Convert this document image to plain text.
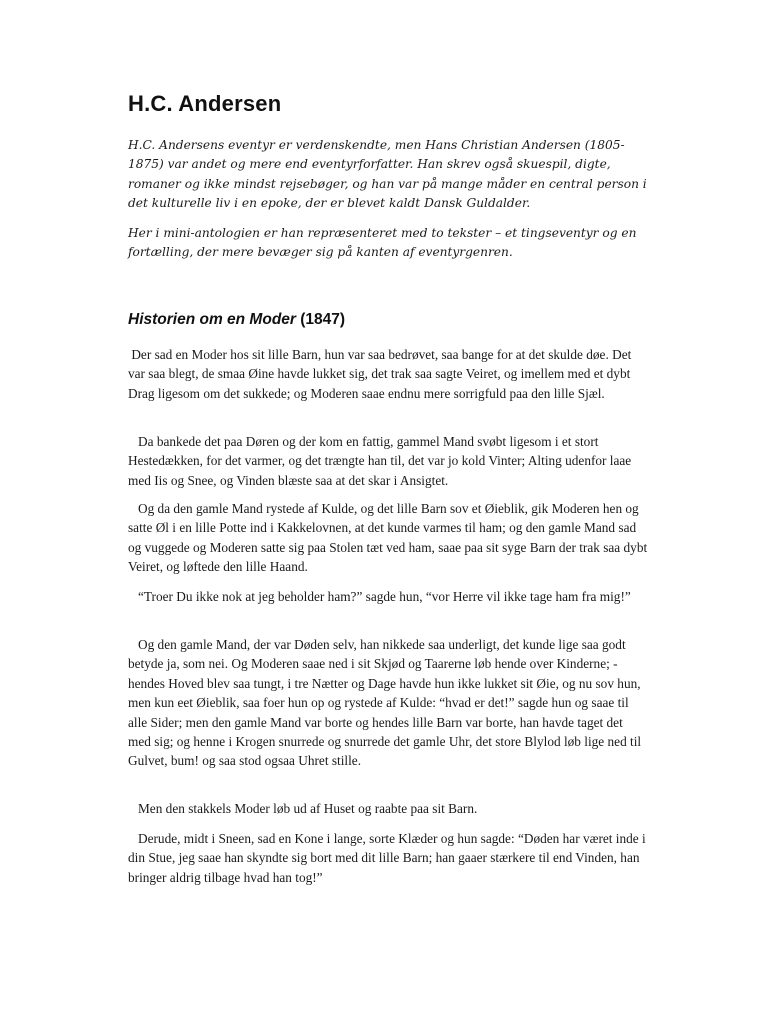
H.C. Andersen

H.C. Andersens eventyr er verdenskendte, men Hans Christian Andersen (1805-1875) var andet og mere end eventyrforfatter. Han skrev også skuespil, digte, romaner og ikke mindst rejsebøger, og han var på mange måder en central person i det kulturelle liv i en epoke, der er blevet kaldt Dansk Guldalder.

Her i mini-antologien er han repræsenteret med to tekster – et tingseventyr og en fortælling, der mere bevæger sig på kanten af eventyrgenren.

Historien om en Moder (1847)

Der sad en Moder hos sit lille Barn, hun var saa bedrøvet, saa bange for at det skulde døe. Det var saa blegt, de smaa Øine havde lukket sig, det trak saa sagte Veiret, og imellem med et dybt Drag ligesom om det sukkede; og Moderen saae endnu mere sorrigfuld paa den lille Sjæl.

Da bankede det paa Døren og der kom en fattig, gammel Mand svøbt ligesom i et stort Hestedækken, for det varmer, og det trængte han til, det var jo kold Vinter; Alting udenfor laae med Iis og Snee, og Vinden blæste saa at det skar i Ansigtet.

Og da den gamle Mand rystede af Kulde, og det lille Barn sov et Øieblik, gik Moderen hen og satte Øl i en lille Potte ind i Kakkelovnen, at det kunde varmes til ham; og den gamle Mand sad og vuggede og Moderen satte sig paa Stolen tæt ved ham, saae paa sit syge Barn der trak saa dybt Veiret, og løftede den lille Haand.

“Troer Du ikke nok at jeg beholder ham?” sagde hun, “vor Herre vil ikke tage ham fra mig!”

Og den gamle Mand, der var Døden selv, han nikkede saa underligt, det kunde lige saa godt betyde ja, som nei. Og Moderen saae ned i sit Skjød og Taarerne løb hende over Kinderne; - hendes Hoved blev saa tungt, i tre Nætter og Dage havde hun ikke lukket sit Øie, og nu sov hun, men kun eet Øieblik, saa foer hun op og rystede af Kulde: “hvad er det!” sagde hun og saae til alle Sider; men den gamle Mand var borte og hendes lille Barn var borte, han havde taget det med sig; og henne i Krogen snurrede og snurrede det gamle Uhr, det store Blylod løb lige ned til Gulvet, bum! og saa stod ogsaa Uhret stille.

Men den stakkels Moder løb ud af Huset og raabte paa sit Barn.

Derude, midt i Sneen, sad en Kone i lange, sorte Klæder og hun sagde: “Døden har været inde i din Stue, jeg saae han skyndte sig bort med dit lille Barn; han gaaer stærkere til end Vinden, han bringer aldrig tilbage hvad han tog!”
